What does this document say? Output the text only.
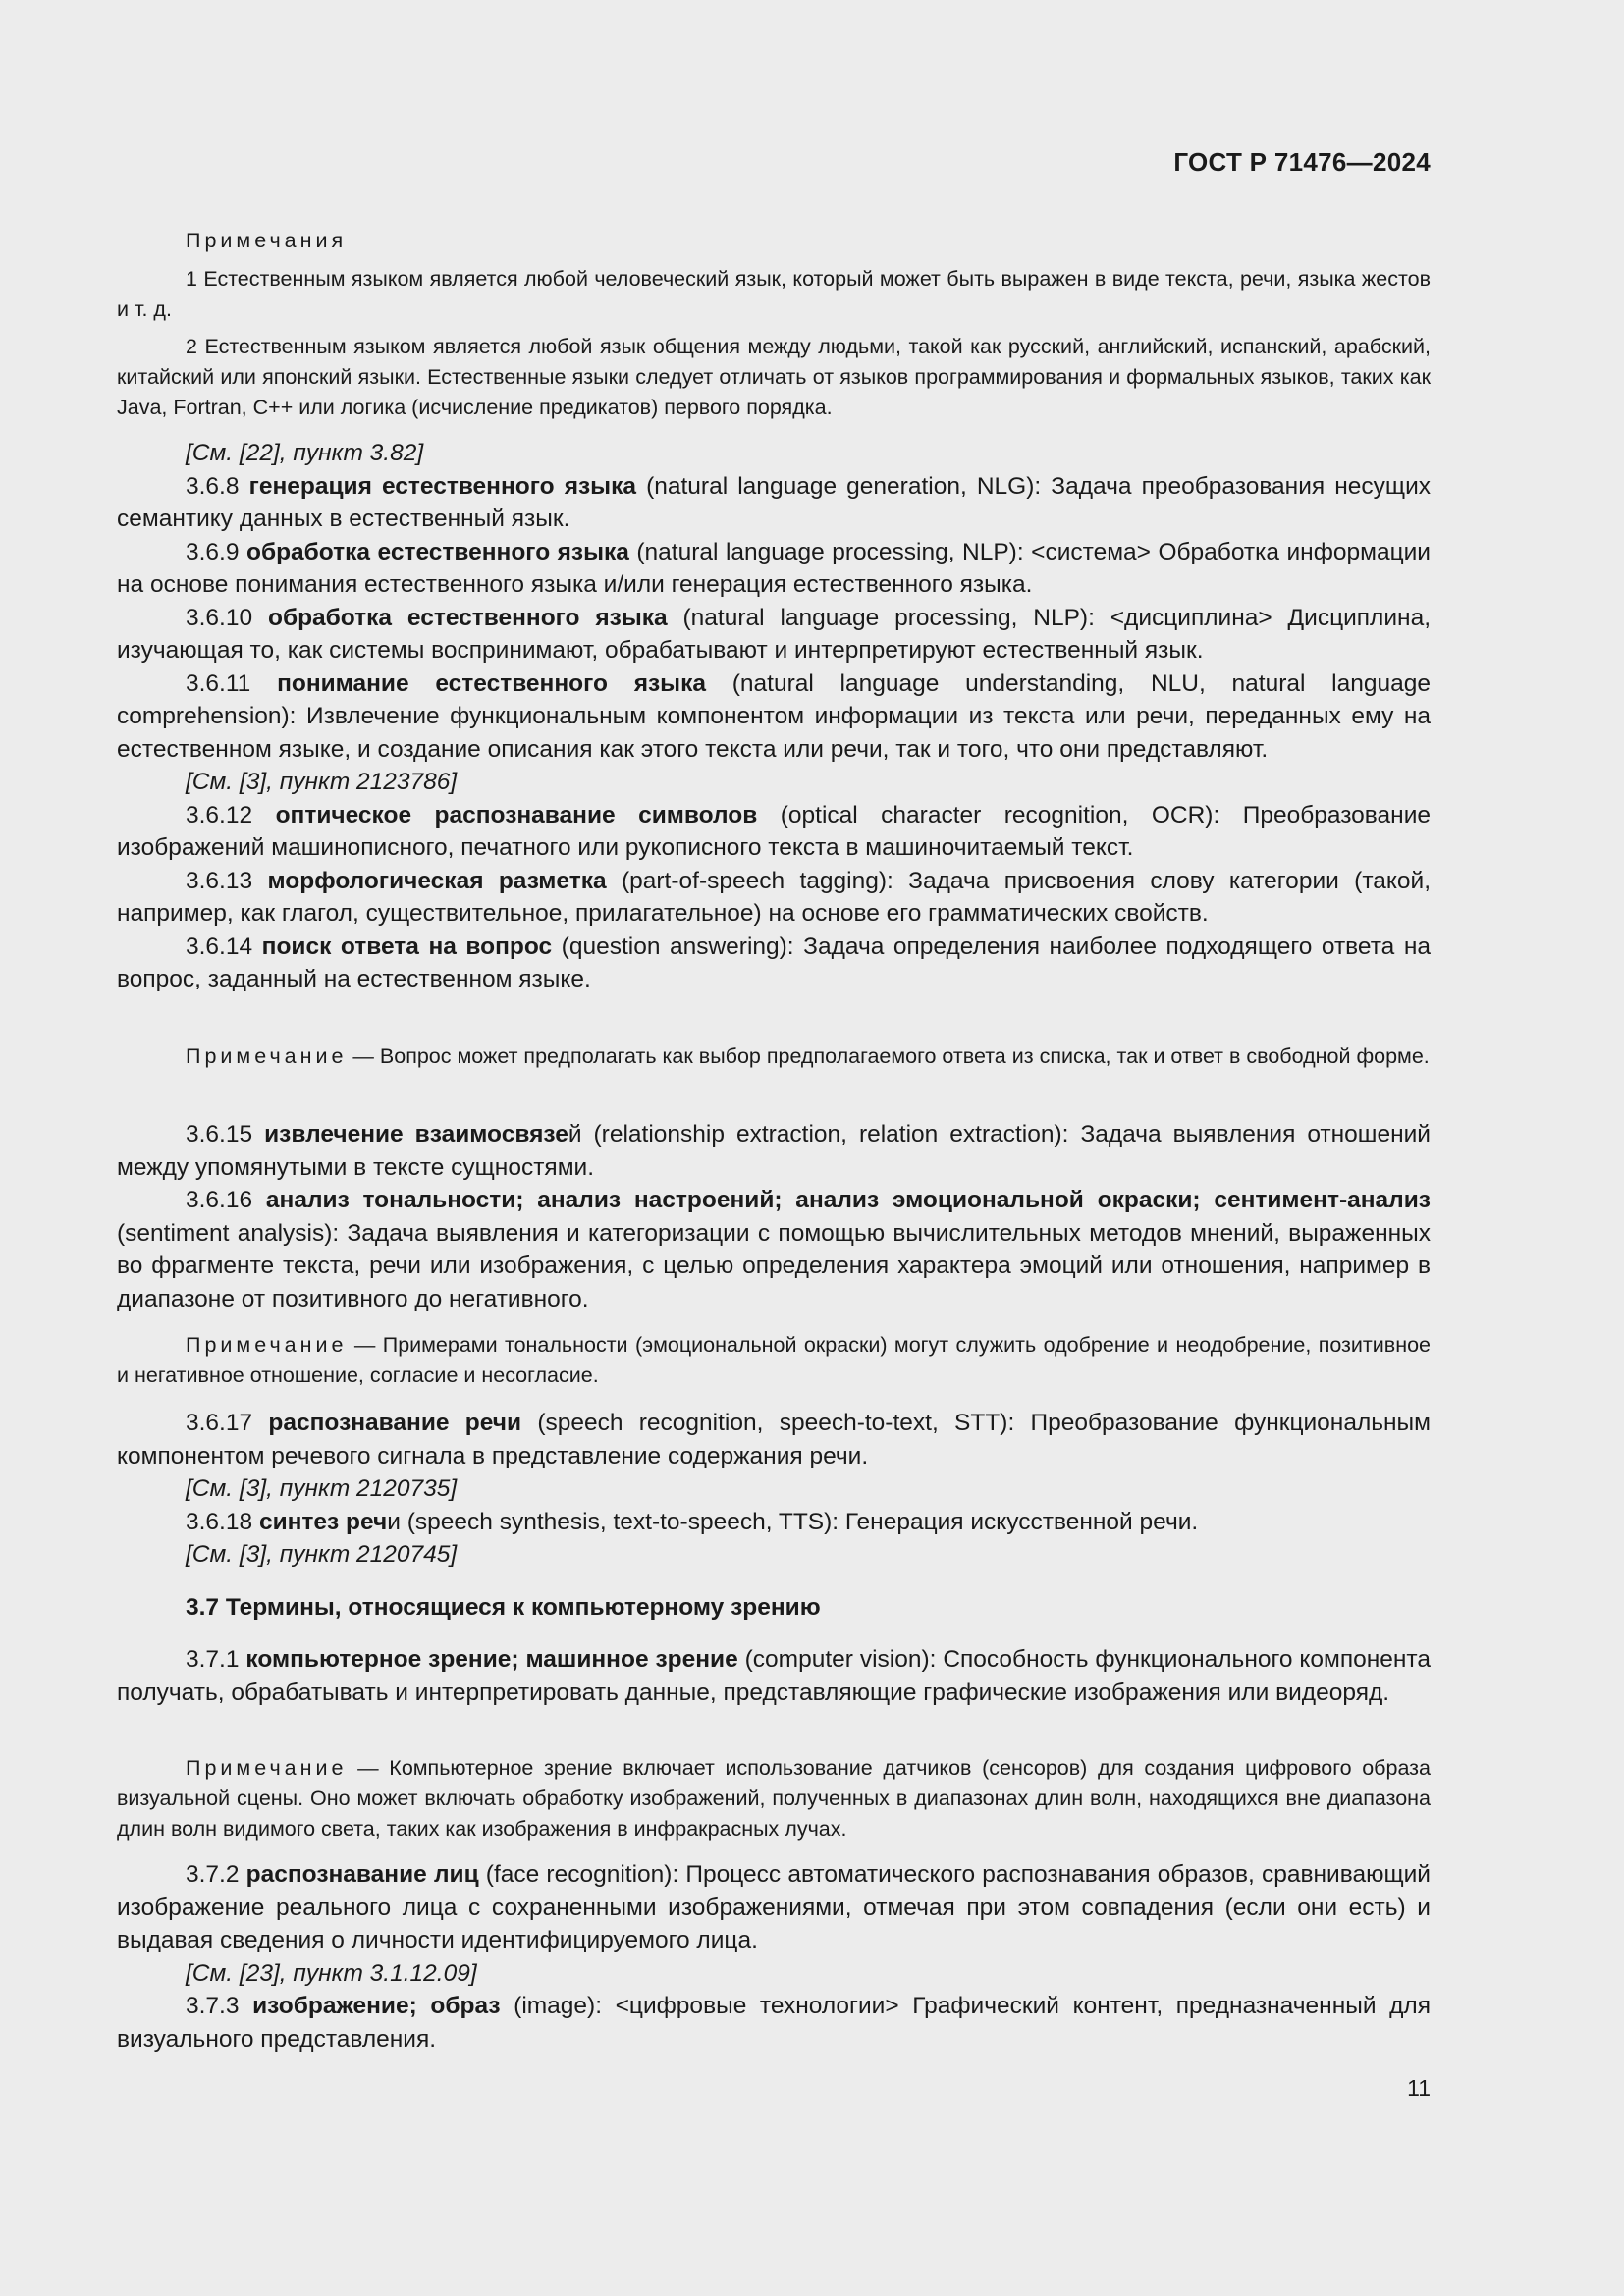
ГОСТ Р 71476—2024

Примечания

1 Естественным языком является любой человеческий язык, который может быть выражен в виде текста, речи, языка жестов и т. д.

2 Естественным языком является любой язык общения между людьми, такой как русский, английский, испанский, арабский, китайский или японский языки. Естественные языки следует отличать от языков программирования и формальных языков, таких как Java, Fortran, C++ или логика (исчисление предикатов) первого порядка.

[См. [22], пункт 3.82]

3.6.8 генерация естественного языка (natural language generation, NLG): Задача преобразования несущих семантику данных в естественный язык.

3.6.9 обработка естественного языка (natural language processing, NLP): <система> Обработка информации на основе понимания естественного языка и/или генерация естественного языка.

3.6.10 обработка естественного языка (natural language processing, NLP): <дисциплина> Дисциплина, изучающая то, как системы воспринимают, обрабатывают и интерпретируют естественный язык.

3.6.11 понимание естественного языка (natural language understanding, NLU, natural language comprehension): Извлечение функциональным компонентом информации из текста или речи, переданных ему на естественном языке, и создание описания как этого текста или речи, так и того, что они представляют.

[См. [3], пункт 2123786]

3.6.12 оптическое распознавание символов (optical character recognition, OCR): Преобразование изображений машинописного, печатного или рукописного текста в машиночитаемый текст.

3.6.13 морфологическая разметка (part-of-speech tagging): Задача присвоения слову категории (такой, например, как глагол, существительное, прилагательное) на основе его грамматических свойств.

3.6.14 поиск ответа на вопрос (question answering): Задача определения наиболее подходящего ответа на вопрос, заданный на естественном языке.

Примечание — Вопрос может предполагать как выбор предполагаемого ответа из списка, так и ответ в свободной форме.

3.6.15 извлечение взаимосвязей (relationship extraction, relation extraction): Задача выявления отношений между упомянутыми в тексте сущностями.

3.6.16 анализ тональности; анализ настроений; анализ эмоциональной окраски; сентимент-анализ (sentiment analysis): Задача выявления и категоризации с помощью вычислительных методов мнений, выраженных во фрагменте текста, речи или изображения, с целью определения характера эмоций или отношения, например в диапазоне от позитивного до негативного.

Примечание — Примерами тональности (эмоциональной окраски) могут служить одобрение и неодобрение, позитивное и негативное отношение, согласие и несогласие.

3.6.17 распознавание речи (speech recognition, speech-to-text, STT): Преобразование функциональным компонентом речевого сигнала в представление содержания речи.

[См. [3], пункт 2120735]

3.6.18 синтез речи (speech synthesis, text-to-speech, TTS): Генерация искусственной речи.

[См. [3], пункт 2120745]

3.7 Термины, относящиеся к компьютерному зрению

3.7.1 компьютерное зрение; машинное зрение (computer vision): Способность функционального компонента получать, обрабатывать и интерпретировать данные, представляющие графические изображения или видеоряд.

Примечание — Компьютерное зрение включает использование датчиков (сенсоров) для создания цифрового образа визуальной сцены. Оно может включать обработку изображений, полученных в диапазонах длин волн, находящихся вне диапазона длин волн видимого света, таких как изображения в инфракрасных лучах.

3.7.2 распознавание лиц (face recognition): Процесс автоматического распознавания образов, сравнивающий изображение реального лица с сохраненными изображениями, отмечая при этом совпадения (если они есть) и выдавая сведения о личности идентифицируемого лица.

[См. [23], пункт 3.1.12.09]

3.7.3 изображение; образ (image): <цифровые технологии> Графический контент, предназначенный для визуального представления.

11
